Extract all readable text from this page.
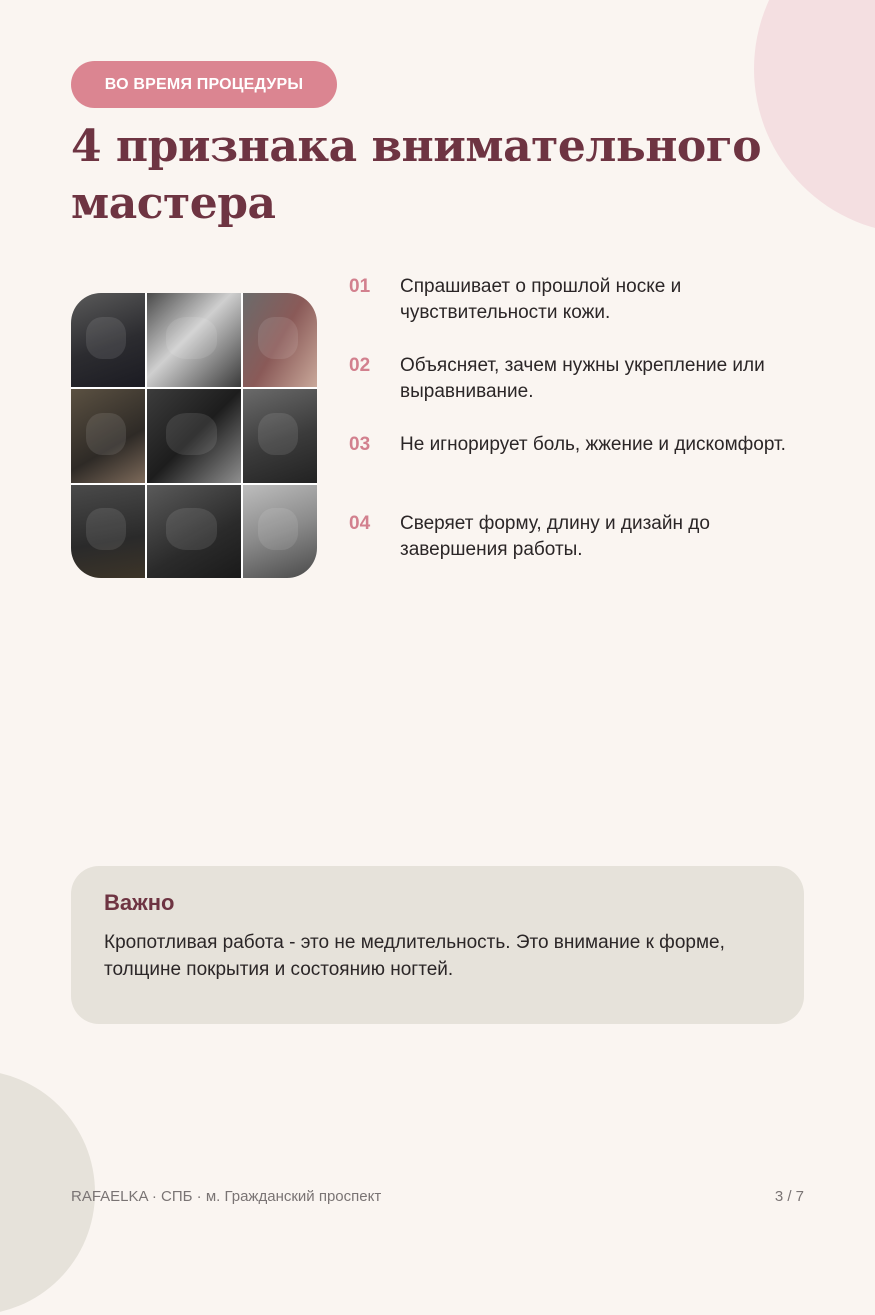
ВО ВРЕМЯ ПРОЦЕДУРЫ
4 признака внимательного
мастера
01 Спрашивает о прошлой носке и чувствительности кожи.
02 Объясняет, зачем нужны укрепление или выравнивание.
03 Не игнорирует боль, жжение и дискомфорт.
04 Сверяет форму, длину и дизайн до завершения работы.
Важно
Кропотливая работа - это не медлительность. Это внимание к форме, толщине покрытия и состоянию ногтей.
RAFAELKA · СПБ · м. Гражданский проспект	3 / 7
